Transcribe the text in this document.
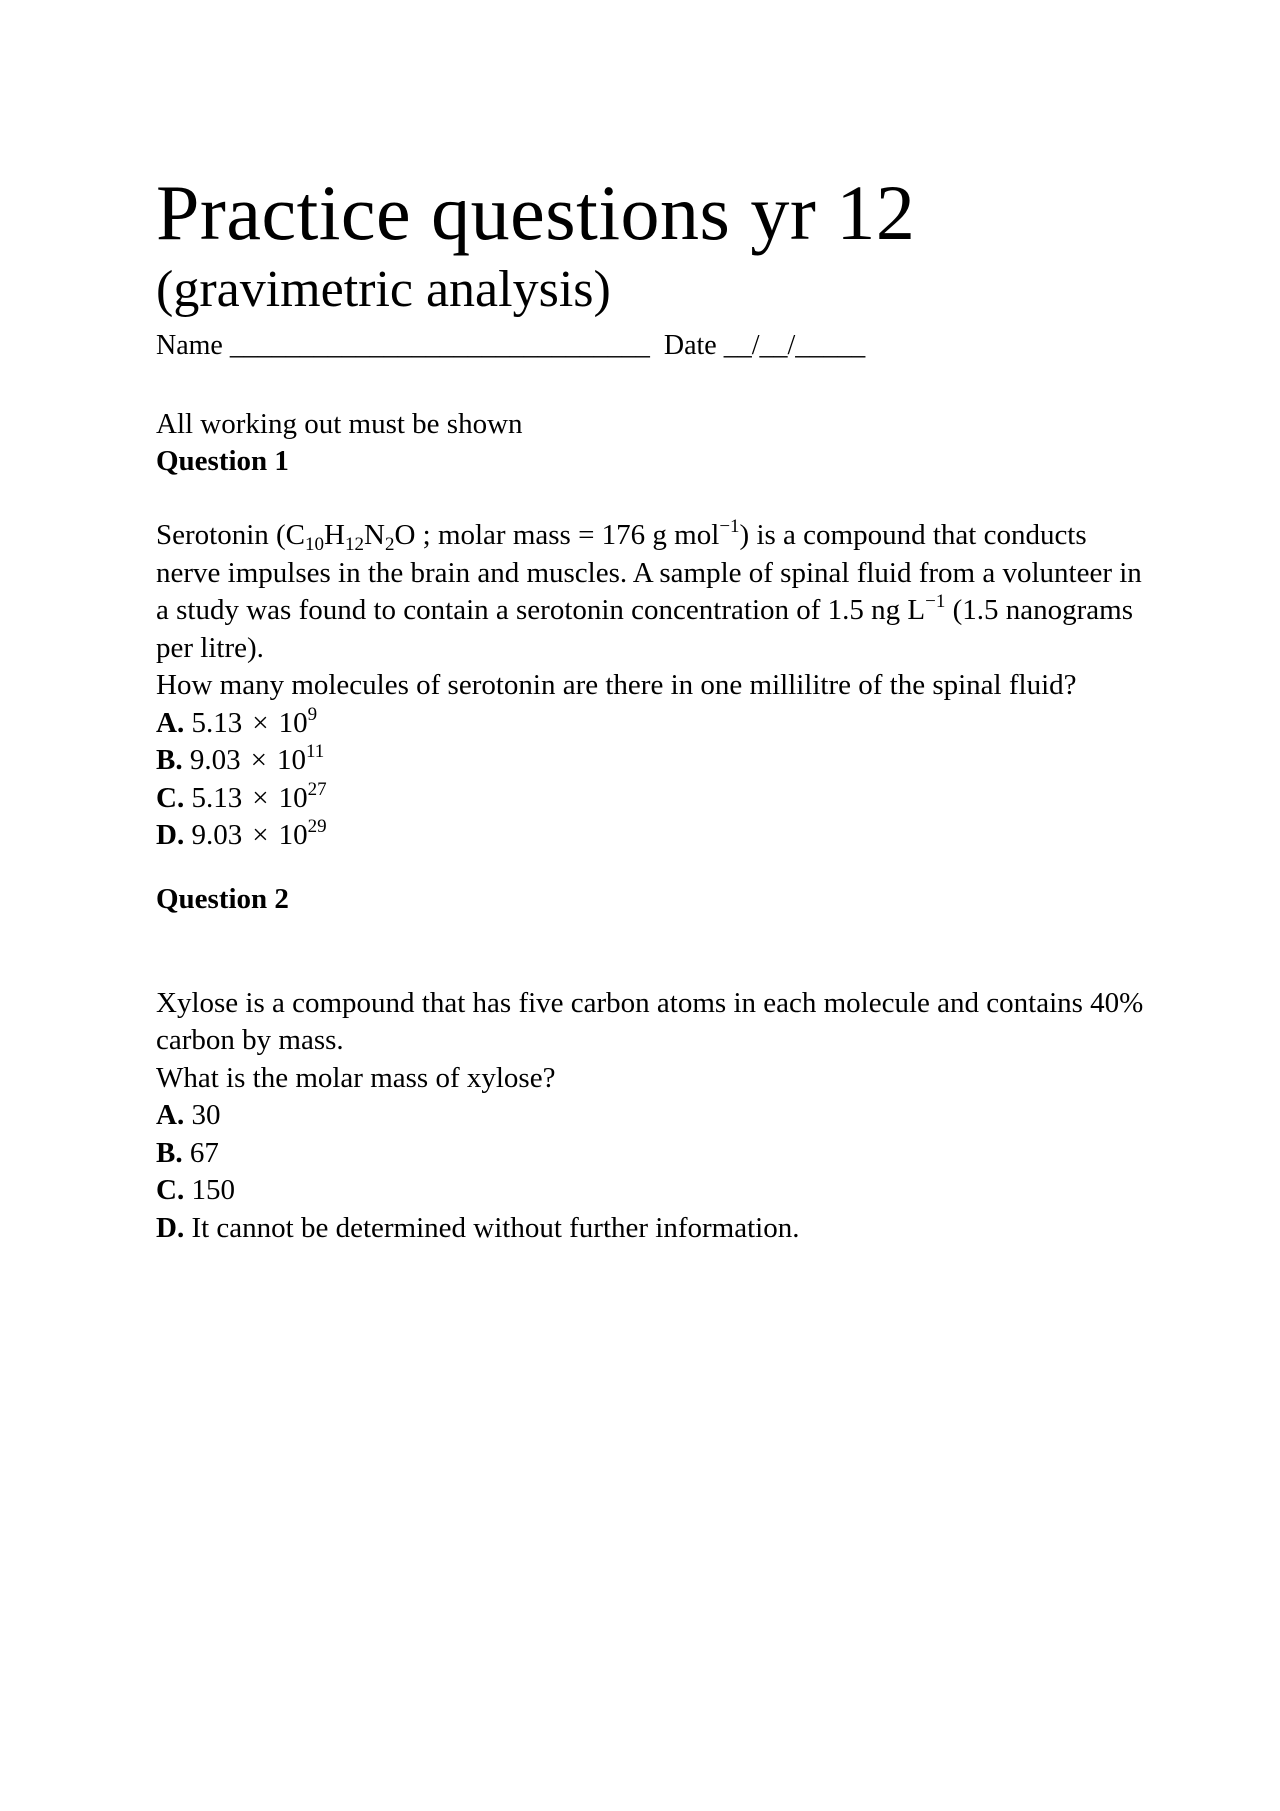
Practice questions yr 12
(gravimetric analysis)
Name ______________________________ Date __/__/_____
All working out must be shown
Question 1
Serotonin ($C_{10}H_{12}N_2O$ ; molar mass = 176 g mol$^{-1}$) is a compound that conducts nerve impulses in the brain and muscles. A sample of spinal fluid from a volunteer in a study was found to contain a serotonin concentration of 1.5 ng $L^{-1}$ (1.5 nanograms per litre).
How many molecules of serotonin are there in one millilitre of the spinal fluid?
A. $5.13 \times 10^9$
B. $9.03 \times 10^{11}$
C. $5.13 \times 10^{27}$
D. $9.03 \times 10^{29}$
Question 2
Xylose is a compound that has five carbon atoms in each molecule and contains 40% carbon by mass.
What is the molar mass of xylose?
A. 30
B. 67
C. 150
D. It cannot be determined without further information.
